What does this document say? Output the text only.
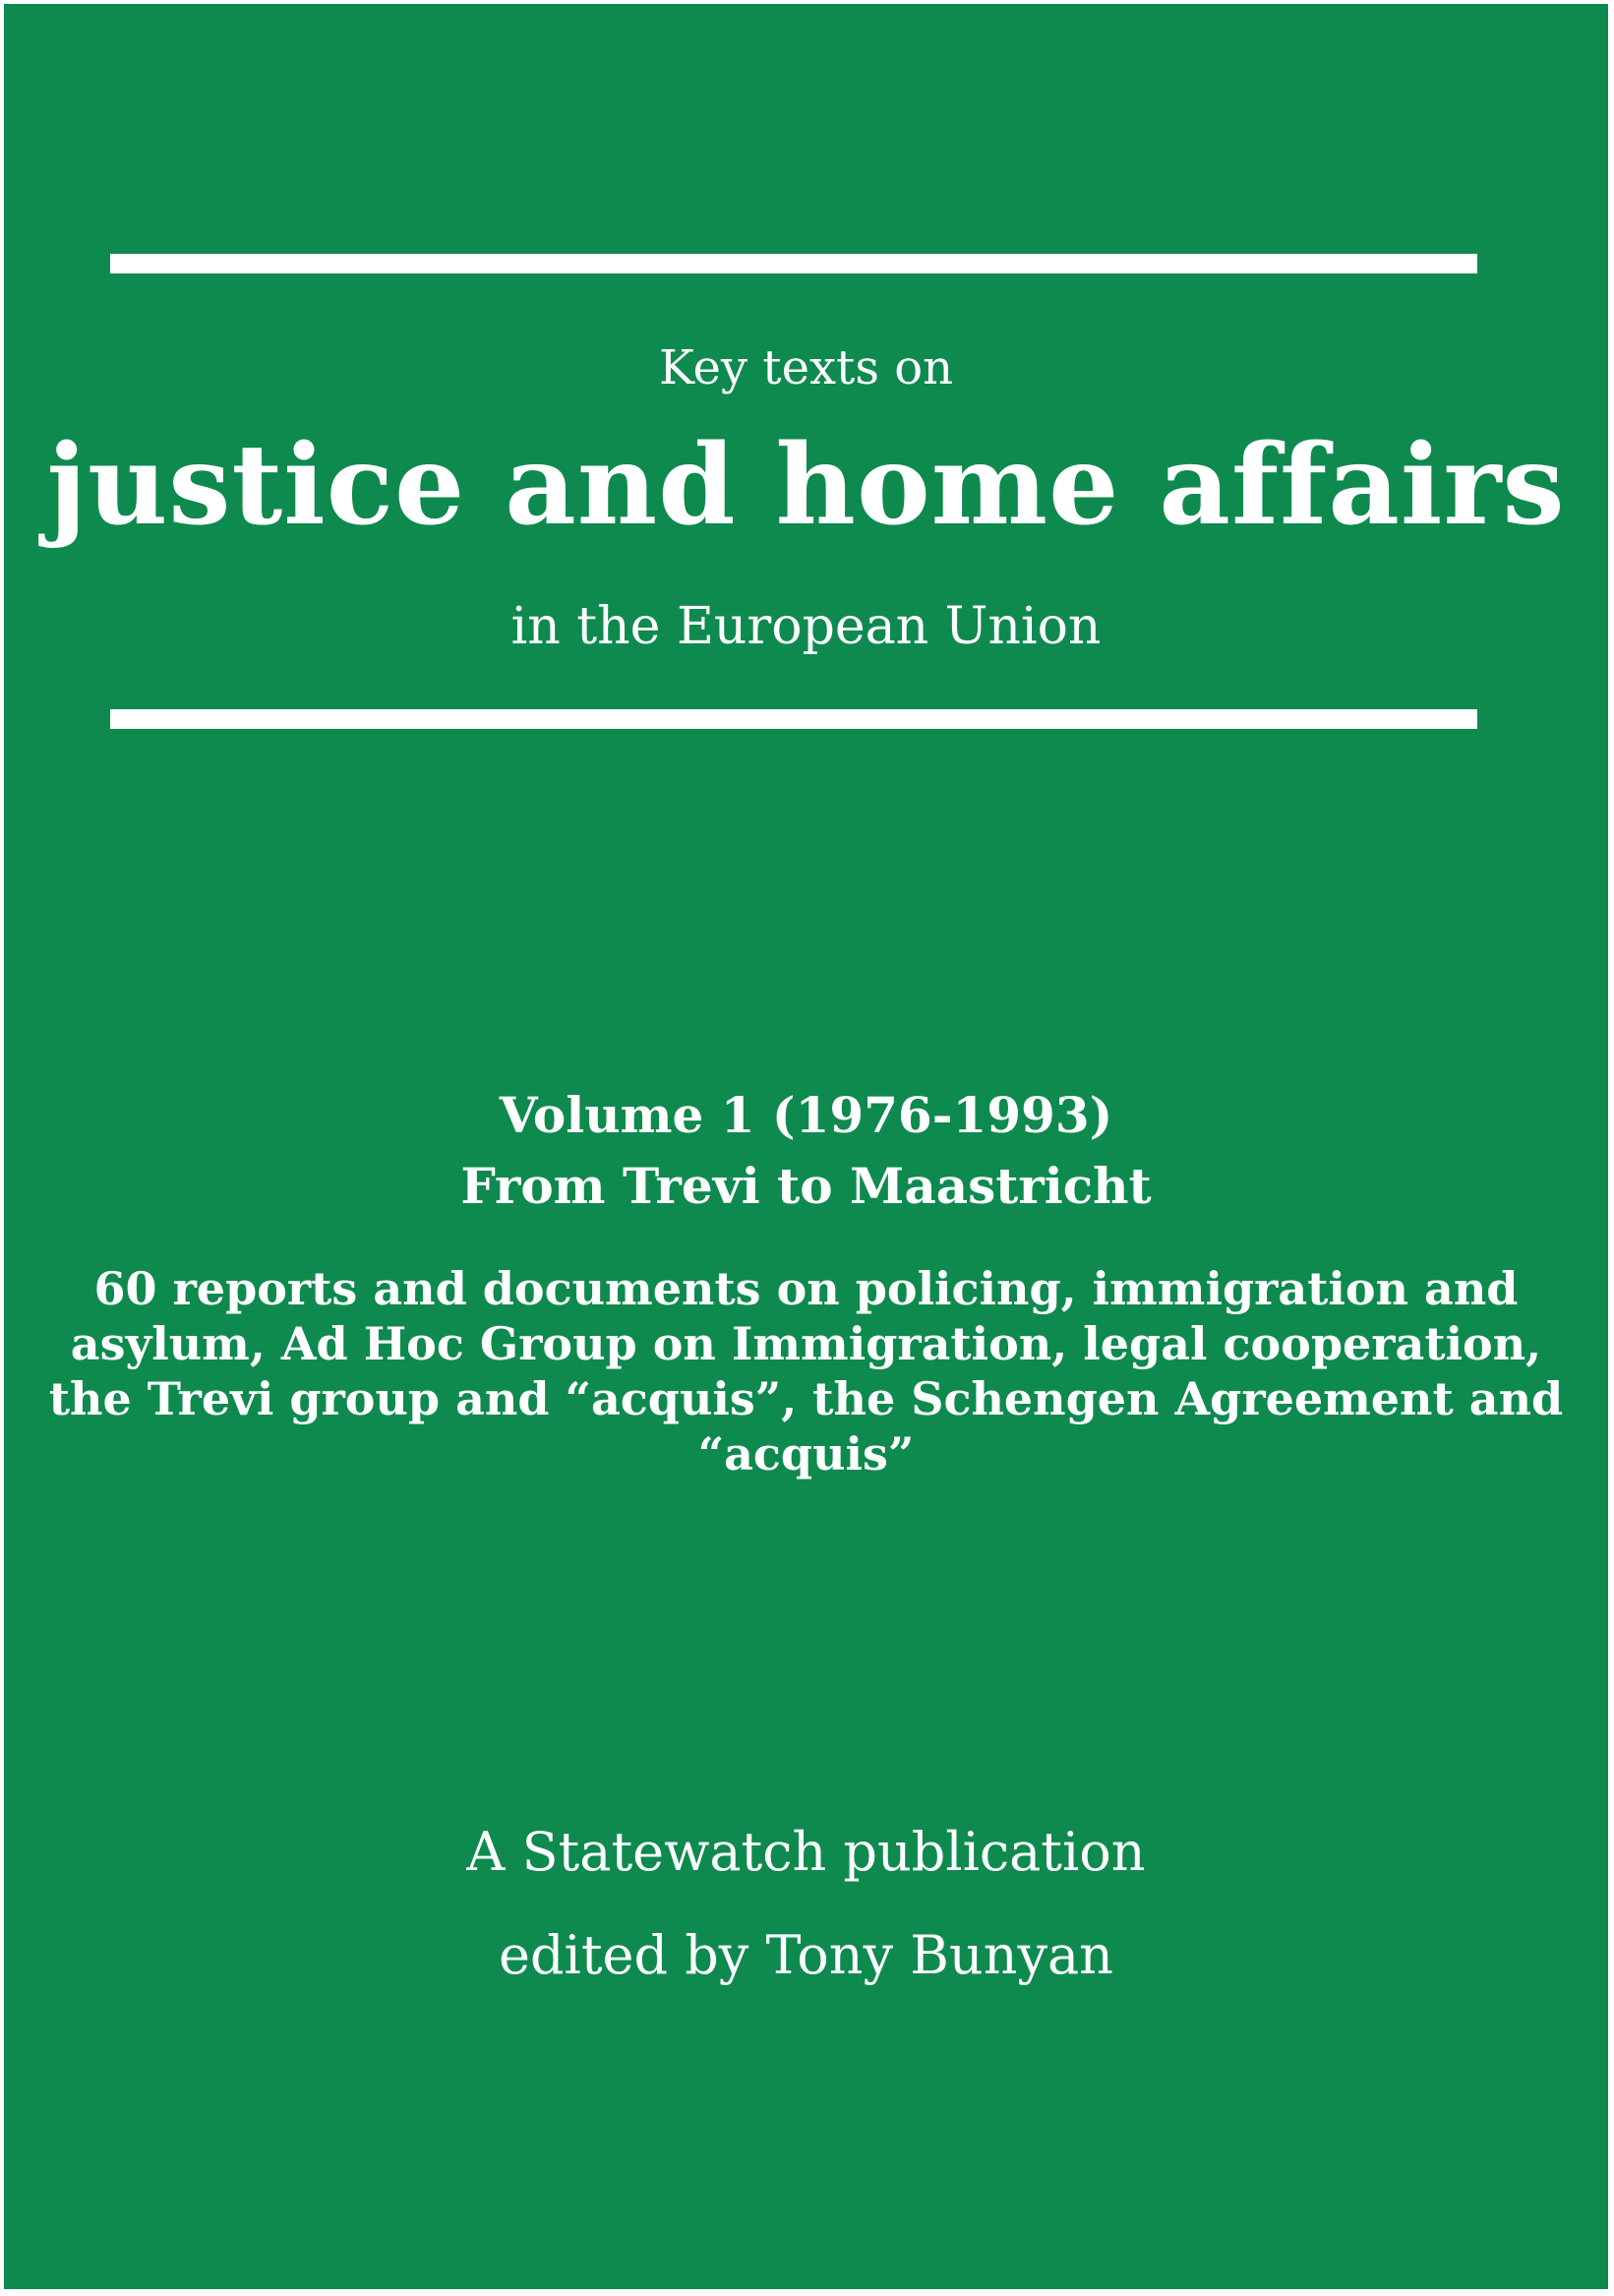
Key texts on
justice and home affairs
in the European Union
Volume 1 (1976-1993)
From Trevi to Maastricht
60 reports and documents on policing, immigration and
asylum, Ad Hoc Group on Immigration, legal cooperation,
the Trevi group and “acquis”, the Schengen Agreement and
“acquis”
A Statewatch publication
edited by Tony Bunyan
